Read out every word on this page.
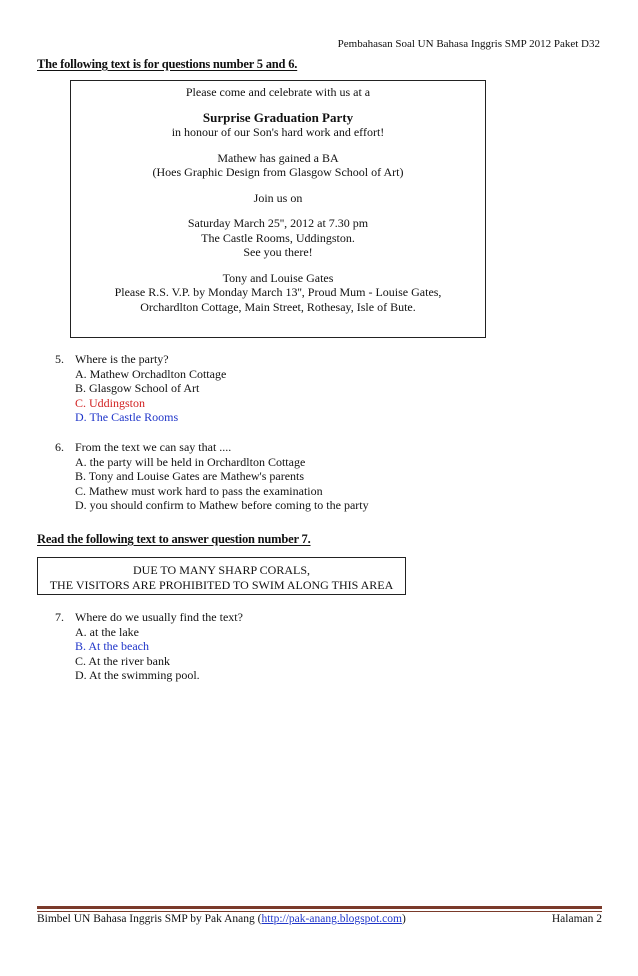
Pembahasan Soal UN Bahasa Inggris SMP 2012 Paket D32
The following text is for questions number 5 and 6.
Please come and celebrate with us at a
Surprise Graduation Party
in honour of our Son's hard work and effort!
Mathew has gained a BA
(Hoes Graphic Design from Glasgow School of Art)
Join us on
Saturday March 25'', 2012 at 7.30 pm
The Castle Rooms, Uddingston.
See you there!
Tony and Louise Gates
Please R.S. V.P. by Monday March 13'', Proud Mum - Louise Gates,
Orchardlton Cottage, Main Street, Rothesay, Isle of Bute.
5. Where is the party?
A. Mathew Orchadlton Cottage
B. Glasgow School of Art
C. Uddingston
D. The Castle Rooms
6. From the text we can say that ....
A. the party will be held in Orchardlton Cottage
B. Tony and Louise Gates are Mathew's parents
C. Mathew must work hard to pass the examination
D. you should confirm to Mathew before coming to the party
Read the following text to answer question number 7.
DUE TO MANY SHARP CORALS,
THE VISITORS ARE PROHIBITED TO SWIM ALONG THIS AREA
7. Where do we usually find the text?
A. at the lake
B. At the beach
C. At the river bank
D. At the swimming pool.
Bimbel UN Bahasa Inggris SMP by Pak Anang (http://pak-anang.blogspot.com)	Halaman 2
